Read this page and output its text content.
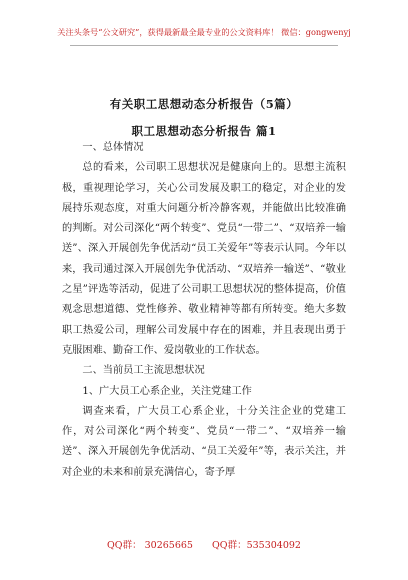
关注头条号“公文研究”，获得最新最全最专业的公文资料库！ 微信：gongwenyj
有关职工思想动态分析报告（5篇）
职工思想动态分析报告 篇1

一、总体情况

总的看来，公司职工思想状况是健康向上的。思想主流积极，重视理论学习，关心公司发展及职工的稳定，对企业的发展持乐观态度，对重大问题分析冷静客观，并能做出比较准确的判断。对公司深化“两个转变”、党员“一带二”、“双培养一输送”、深入开展创先争优活动“员工关爱年”等表示认同。今年以来，我司通过深入开展创先争优活动、“双培养一输送”、“敬业之星”评选等活动，促进了公司职工思想状况的整体提高，价值观念思想道德、党性修养、敬业精神等都有所转变。绝大多数职工热爱公司，理解公司发展中存在的困难，并且表现出勇于克服困难、勤奋工作、爱岗敬业的工作状态。

二、当前员工主流思想状况

1、广大员工心系企业，关注党建工作

调查来看，广大员工心系企业，十分关注企业的党建工作，对公司深化“两个转变”、党员“一带二”、“双培养一输送”、深入开展创先争优活动、“员工关爱年”等，表示关注，并对企业的未来和前景充满信心，寄予厚

QQ群： 30265665 QQ群：535304092
